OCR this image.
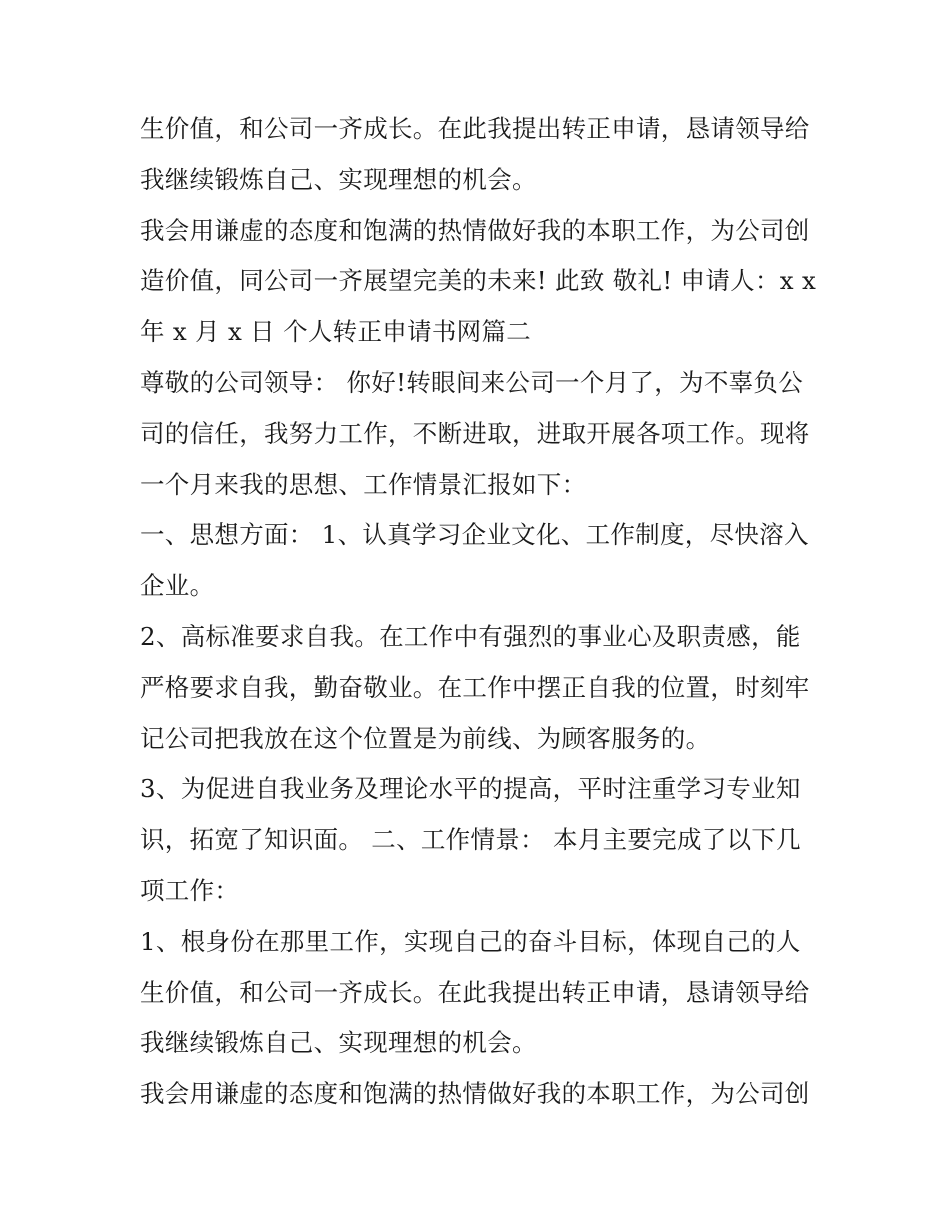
生价值，和公司一齐成长。在此我提出转正申请，恳请领导给
我继续锻炼自己、实现理想的机会。
我会用谦虚的态度和饱满的热情做好我的本职工作，为公司创
造价值，同公司一齐展望完美的未来! 此致 敬礼! 申请人：x x
年 x 月 x 日 个人转正申请书网篇二
尊敬的公司领导： 你好!转眼间来公司一个月了，为不辜负公
司的信任，我努力工作，不断进取，进取开展各项工作。现将
一个月来我的思想、工作情景汇报如下：
一、思想方面： 1、认真学习企业文化、工作制度，尽快溶入
企业。
2、高标准要求自我。在工作中有强烈的事业心及职责感，能
严格要求自我，勤奋敬业。在工作中摆正自我的位置，时刻牢
记公司把我放在这个位置是为前线、为顾客服务的。
3、为促进自我业务及理论水平的提高，平时注重学习专业知
识，拓宽了知识面。 二、工作情景： 本月主要完成了以下几
项工作：
1、根身份在那里工作，实现自己的奋斗目标，体现自己的人
生价值，和公司一齐成长。在此我提出转正申请，恳请领导给
我继续锻炼自己、实现理想的机会。
我会用谦虚的态度和饱满的热情做好我的本职工作，为公司创
